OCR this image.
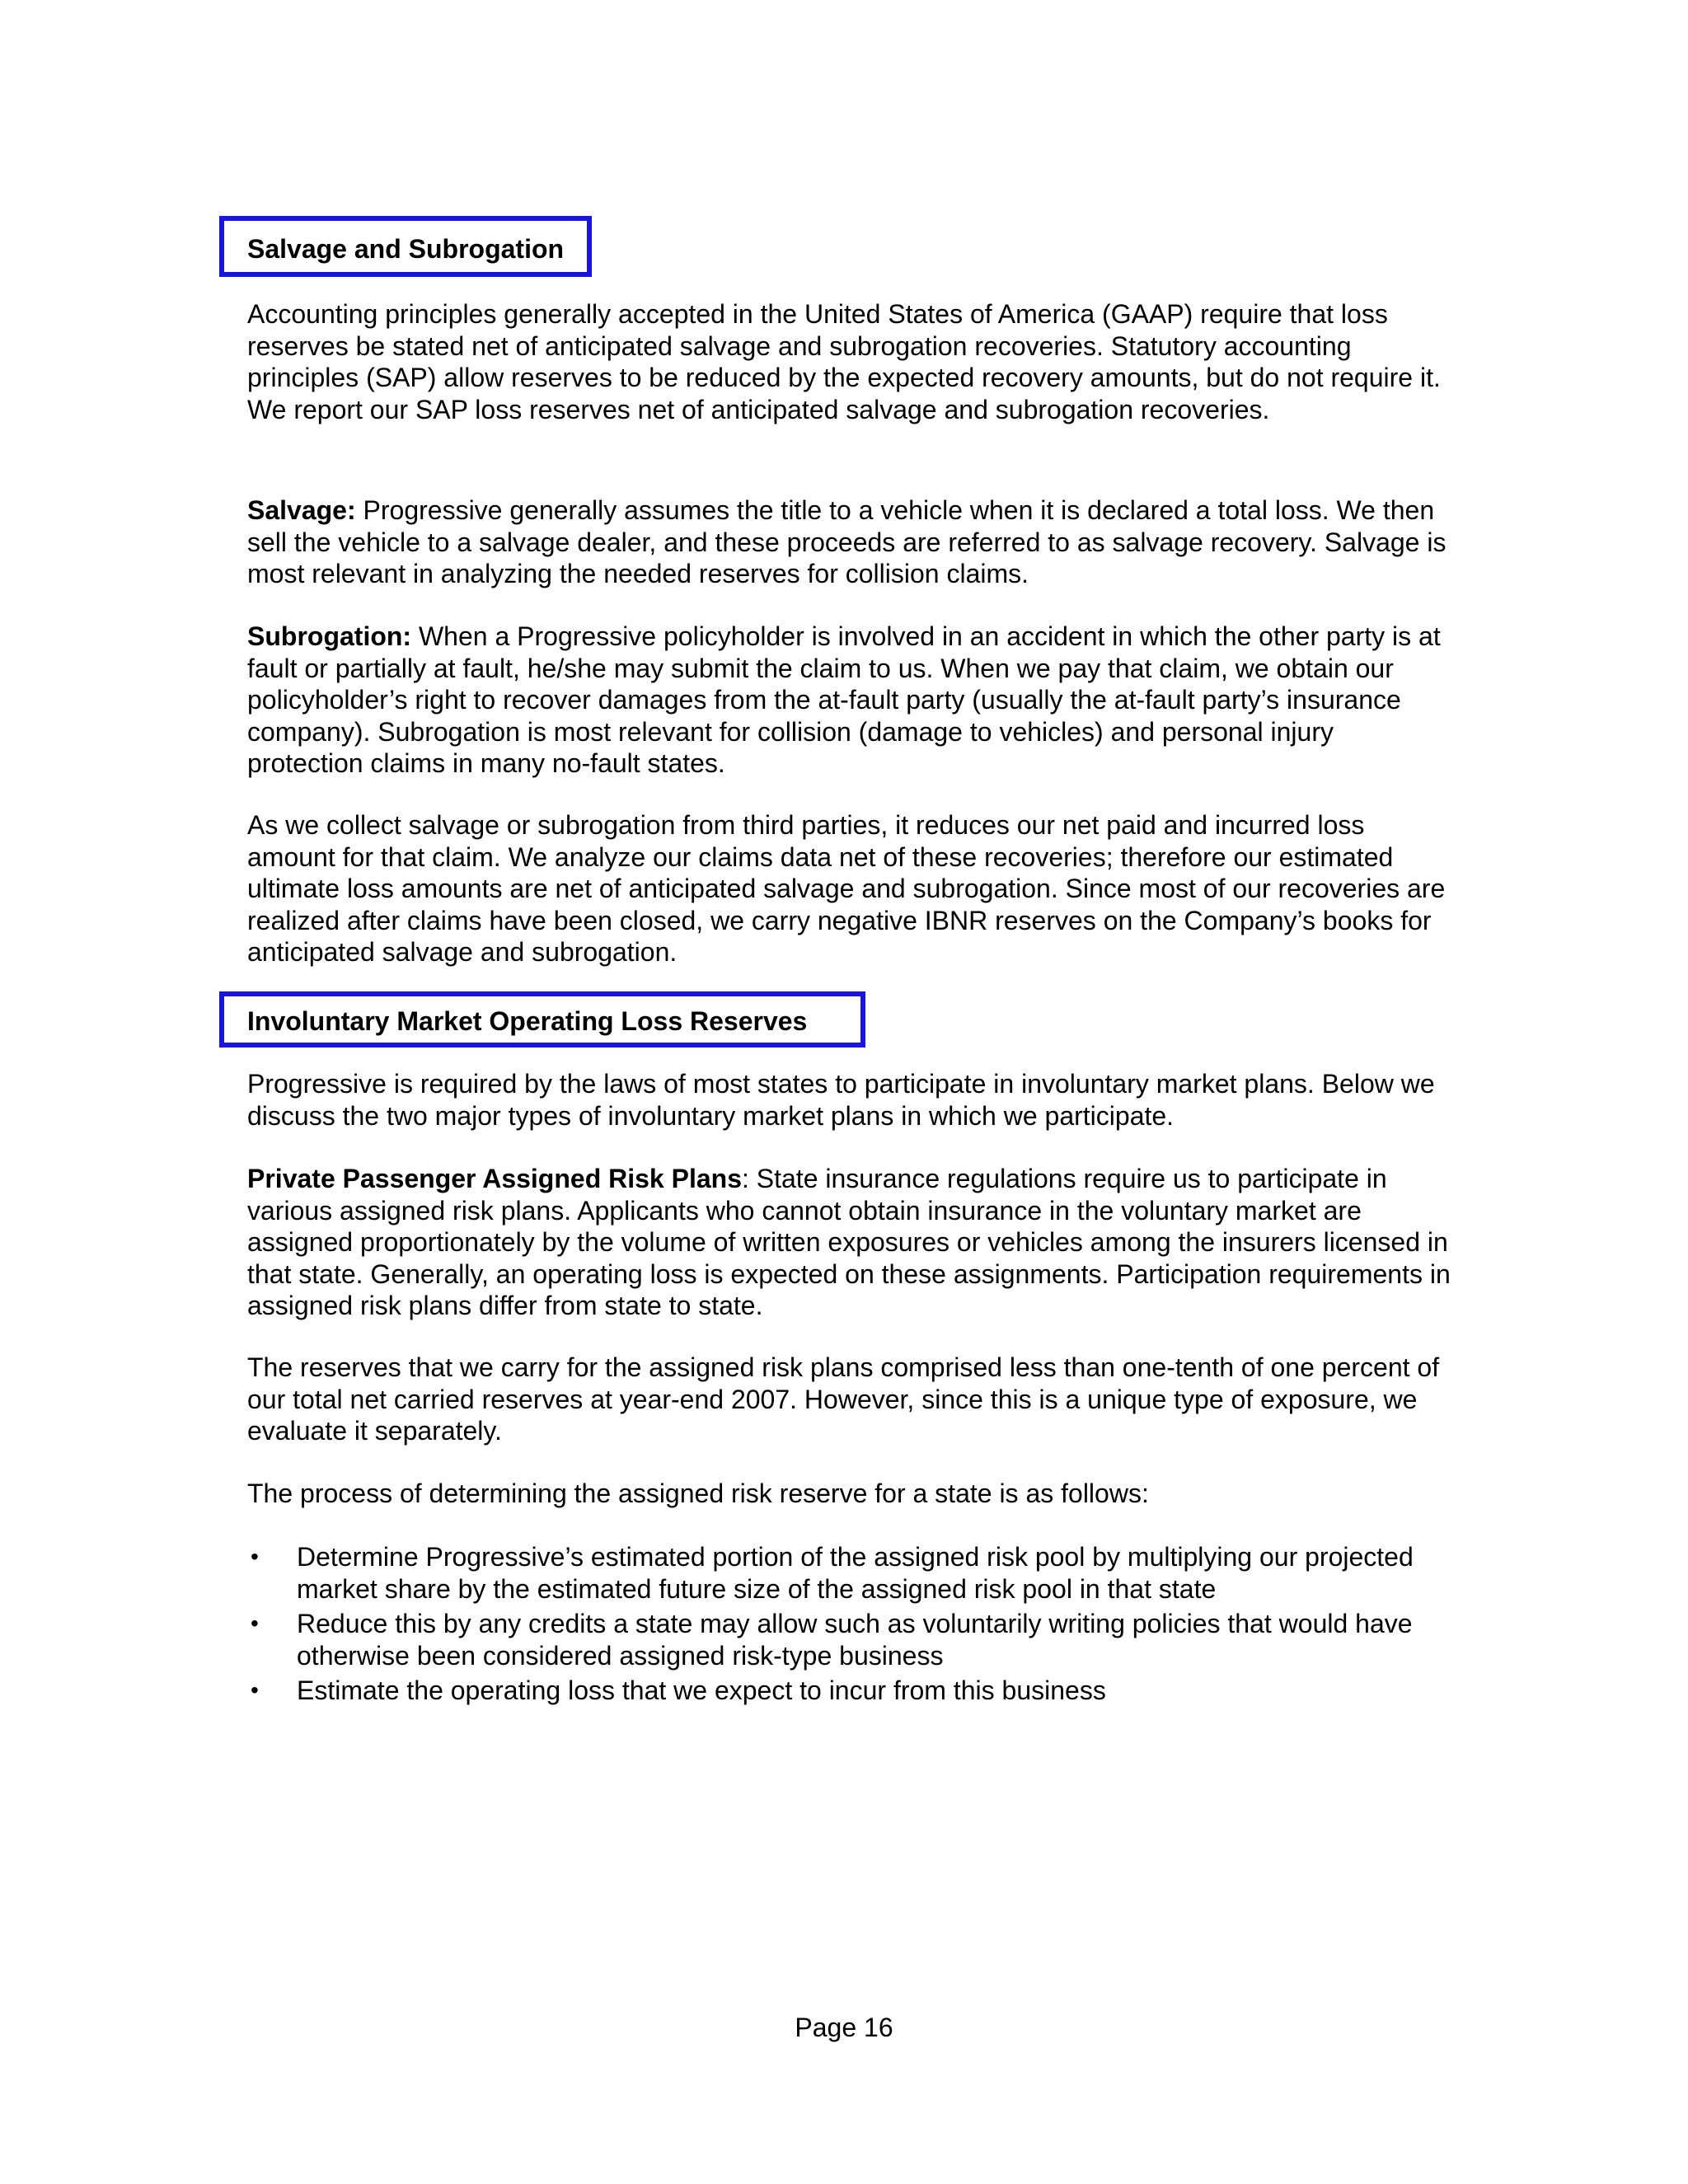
Salvage and Subrogation

Accounting principles generally accepted in the United States of America (GAAP) require that loss reserves be stated net of anticipated salvage and subrogation recoveries. Statutory accounting principles (SAP) allow reserves to be reduced by the expected recovery amounts, but do not require it. We report our SAP loss reserves net of anticipated salvage and subrogation recoveries.

Salvage: Progressive generally assumes the title to a vehicle when it is declared a total loss. We then sell the vehicle to a salvage dealer, and these proceeds are referred to as salvage recovery. Salvage is most relevant in analyzing the needed reserves for collision claims.

Subrogation: When a Progressive policyholder is involved in an accident in which the other party is at fault or partially at fault, he/she may submit the claim to us. When we pay that claim, we obtain our policyholder’s right to recover damages from the at-fault party (usually the at-fault party’s insurance company). Subrogation is most relevant for collision (damage to vehicles) and personal injury protection claims in many no-fault states.

As we collect salvage or subrogation from third parties, it reduces our net paid and incurred loss amount for that claim. We analyze our claims data net of these recoveries; therefore our estimated ultimate loss amounts are net of anticipated salvage and subrogation. Since most of our recoveries are realized after claims have been closed, we carry negative IBNR reserves on the Company’s books for anticipated salvage and subrogation.

Involuntary Market Operating Loss Reserves

Progressive is required by the laws of most states to participate in involuntary market plans. Below we discuss the two major types of involuntary market plans in which we participate.

Private Passenger Assigned Risk Plans: State insurance regulations require us to participate in various assigned risk plans. Applicants who cannot obtain insurance in the voluntary market are assigned proportionately by the volume of written exposures or vehicles among the insurers licensed in that state. Generally, an operating loss is expected on these assignments. Participation requirements in assigned risk plans differ from state to state.

The reserves that we carry for the assigned risk plans comprised less than one-tenth of one percent of our total net carried reserves at year-end 2007. However, since this is a unique type of exposure, we evaluate it separately.

The process of determining the assigned risk reserve for a state is as follows:

• Determine Progressive’s estimated portion of the assigned risk pool by multiplying our projected market share by the estimated future size of the assigned risk pool in that state
• Reduce this by any credits a state may allow such as voluntarily writing policies that would have otherwise been considered assigned risk-type business
• Estimate the operating loss that we expect to incur from this business
Page 16
